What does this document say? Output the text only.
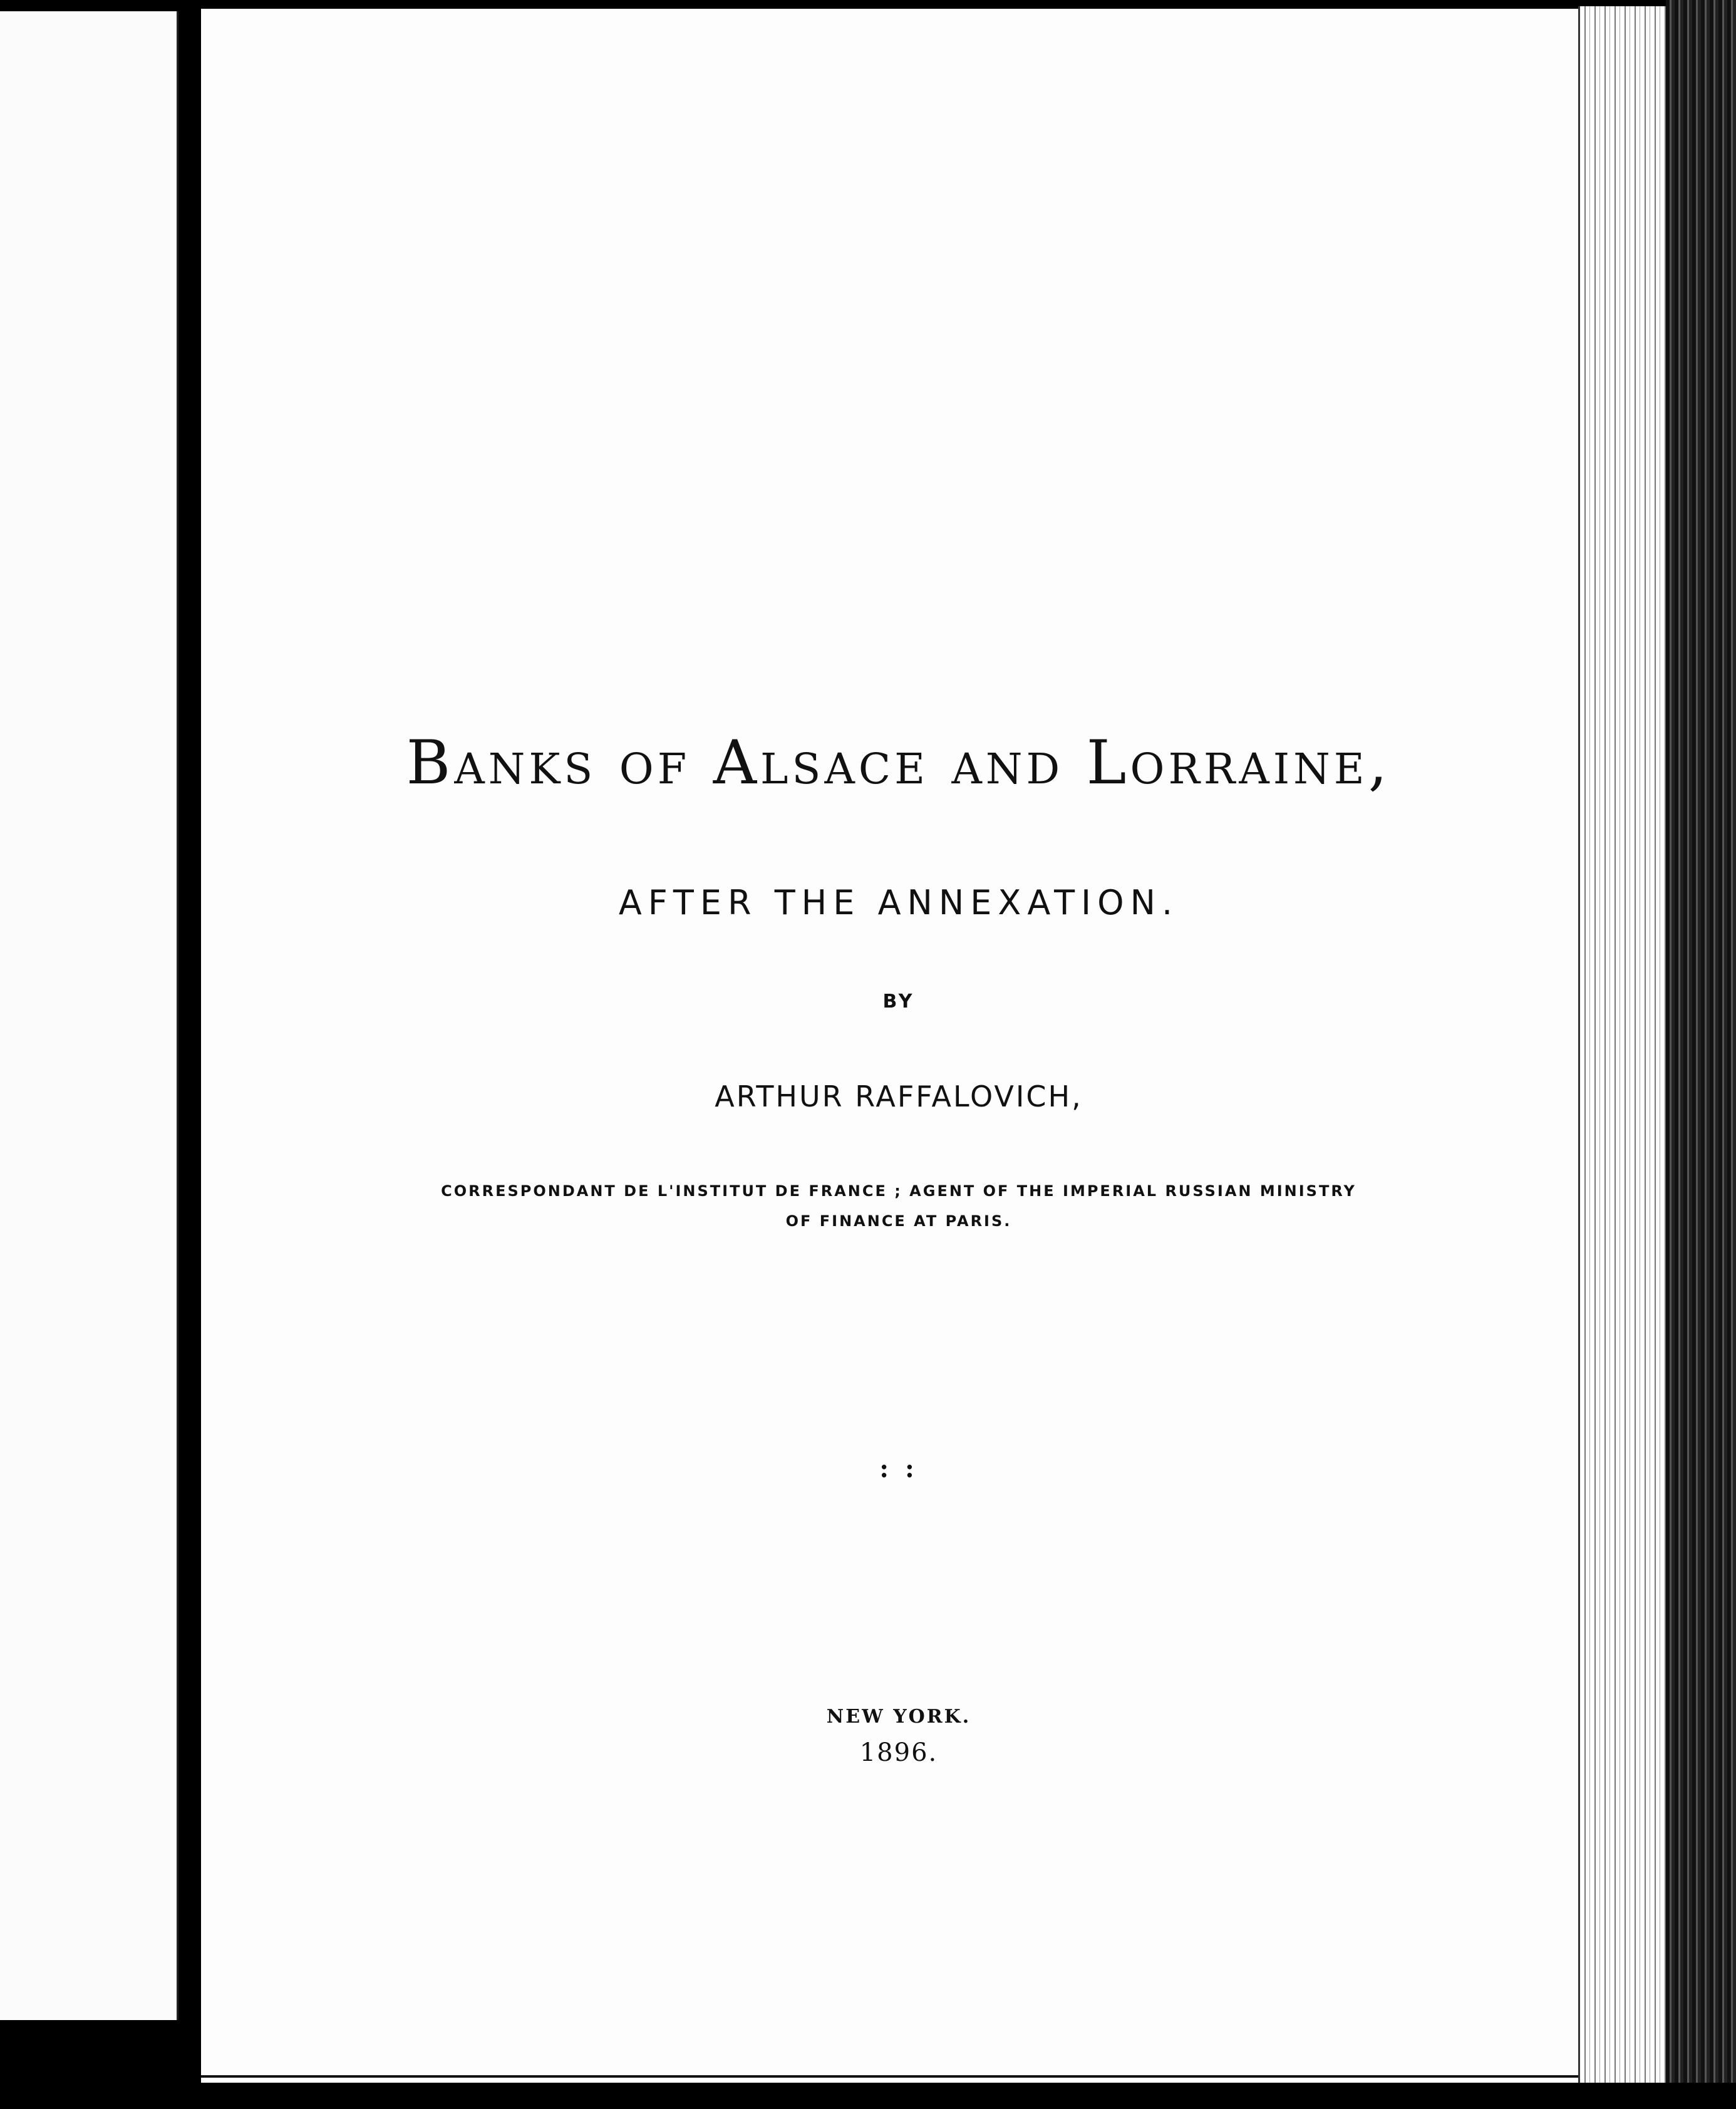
Banks of Alsace and Lorraine,
AFTER THE ANNEXATION.
BY
ARTHUR RAFFALOVICH,
CORRESPONDANT DE L'INSTITUT DE FRANCE ; AGENT OF THE IMPERIAL RUSSIAN MINISTRY
OF FINANCE AT PARIS.
: :
NEW YORK.
1896.
